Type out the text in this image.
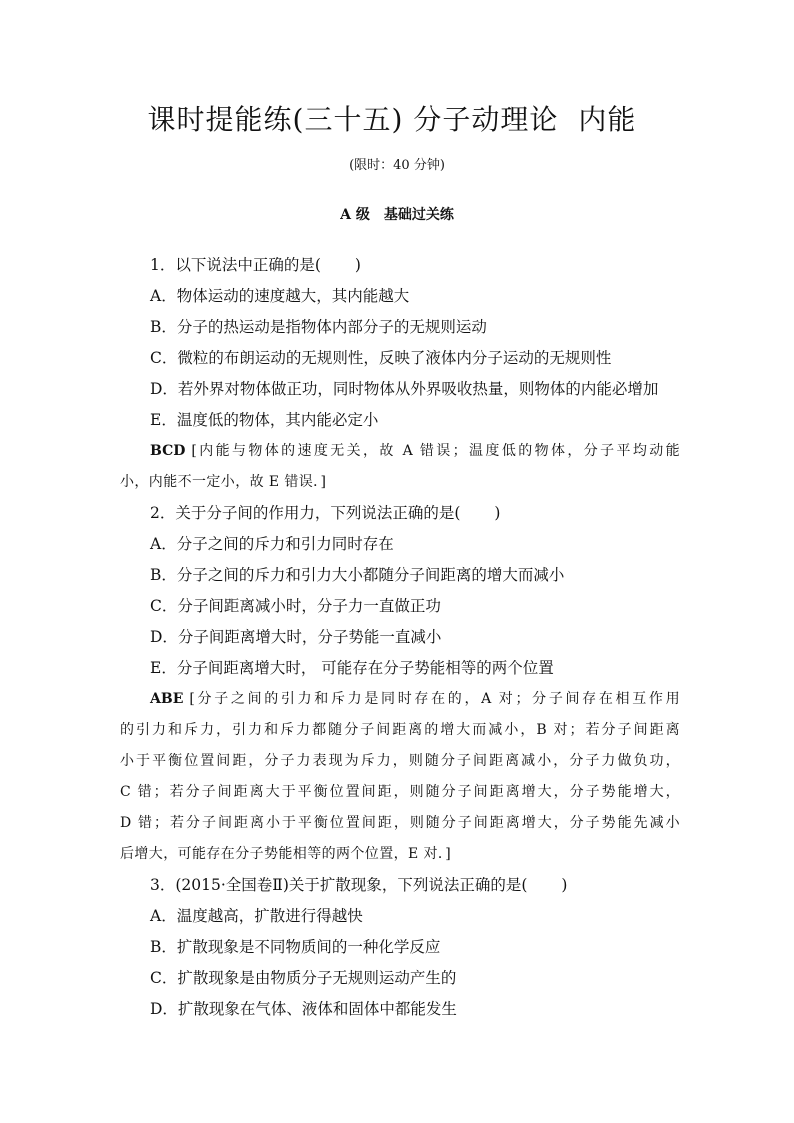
课时提能练(三十五) 分子动理论 内能
(限时：40 分钟)
A 级　基础过关练
1．以下说法中正确的是( )
A．物体运动的速度越大，其内能越大
B．分子的热运动是指物体内部分子的无规则运动
C．微粒的布朗运动的无规则性，反映了液体内分子运动的无规则性
D．若外界对物体做正功，同时物体从外界吸收热量，则物体的内能必增加
E．温度低的物体，其内能必定小
BCD [内能与物体的速度无关，故 A 错误；温度低的物体，分子平均动能
小，内能不一定小，故 E 错误．]
2．关于分子间的作用力，下列说法正确的是( )
A．分子之间的斥力和引力同时存在
B．分子之间的斥力和引力大小都随分子间距离的增大而减小
C．分子间距离减小时，分子力一直做正功
D．分子间距离增大时，分子势能一直减小
E．分子间距离增大时， 可能存在分子势能相等的两个位置
ABE [分子之间的引力和斥力是同时存在的，A 对；分子间存在相互作用
的引力和斥力，引力和斥力都随分子间距离的增大而减小，B 对；若分子间距离
小于平衡位置间距，分子力表现为斥力，则随分子间距离减小，分子力做负功，
C 错；若分子间距离大于平衡位置间距，则随分子间距离增大，分子势能增大，
D 错；若分子间距离小于平衡位置间距，则随分子间距离增大，分子势能先减小
后增大，可能存在分子势能相等的两个位置，E 对．]
3．(2015·全国卷Ⅱ)关于扩散现象，下列说法正确的是( )
A．温度越高，扩散进行得越快
B．扩散现象是不同物质间的一种化学反应
C．扩散现象是由物质分子无规则运动产生的
D．扩散现象在气体、液体和固体中都能发生
